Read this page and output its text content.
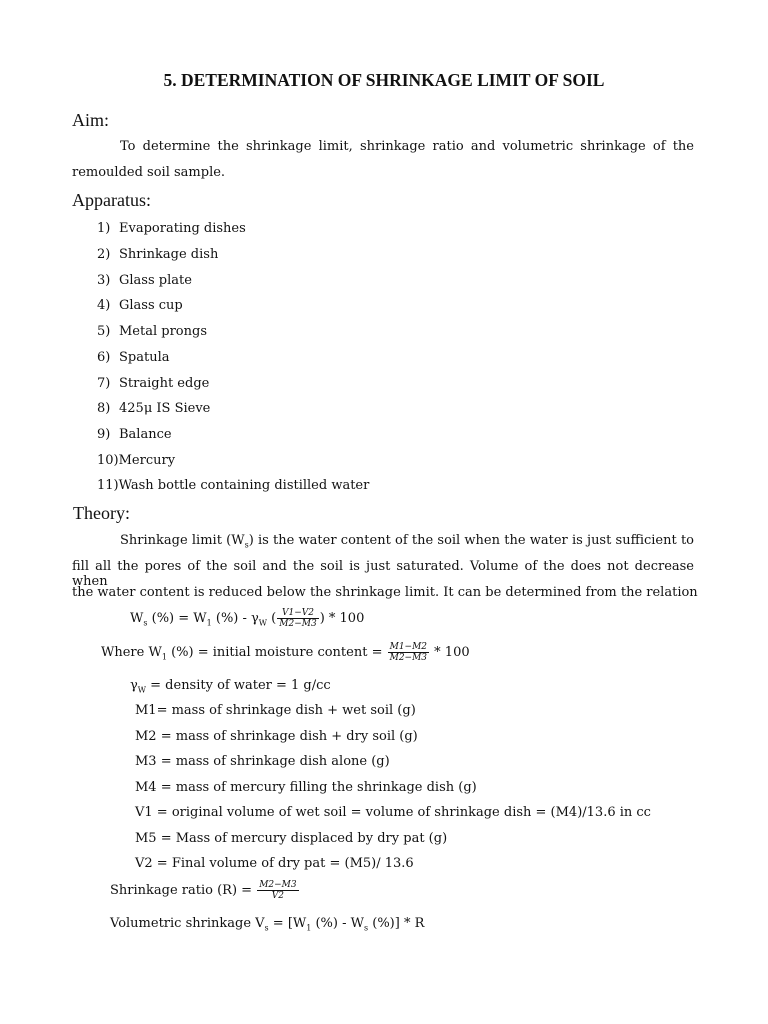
5. DETERMINATION OF SHRINKAGE LIMIT OF SOIL
Aim:
To determine the shrinkage limit, shrinkage ratio and volumetric shrinkage of the
remoulded soil sample.
Apparatus:
1) Evaporating dishes
2) Shrinkage dish
3) Glass plate
4) Glass cup
5) Metal prongs
6) Spatula
7) Straight edge
8) 425μ IS Sieve
9) Balance
10)Mercury
11)Wash bottle containing distilled water
Theory:
Shrinkage limit $(W_s)$ is the water content of the soil when the water is just sufficient to
fill all the pores of the soil and the soil is just saturated. Volume of the does not decrease when
the water content is reduced below the shrinkage limit. It can be determined from the relation
$W_s$ (%) = $W_1$ (%) - $\gamma_W$ ( $\frac{V1-V2}{M2-M3}$ ) * 100
Where $W_1$ (%) = initial moisture content = $\frac{M1-M2}{M2-M3} * 100$
$\gamma_W$ = density of water = 1 g/cc
M1= mass of shrinkage dish + wet soil (g)
M2 = mass of shrinkage dish + dry soil (g)
M3 = mass of shrinkage dish alone (g)
M4 = mass of mercury filling the shrinkage dish (g)
V1 = original volume of wet soil = volume of shrinkage dish = (M4)/13.6 in cc
M5 = Mass of mercury displaced by dry pat (g)
V2 = Final volume of dry pat = (M5)/ 13.6
Shrinkage ratio $(R) = \frac{M2-M3}{V2}$
Volumetric shrinkage $V_s = [W_1$ (%) - $W_s$ (%)] * R
